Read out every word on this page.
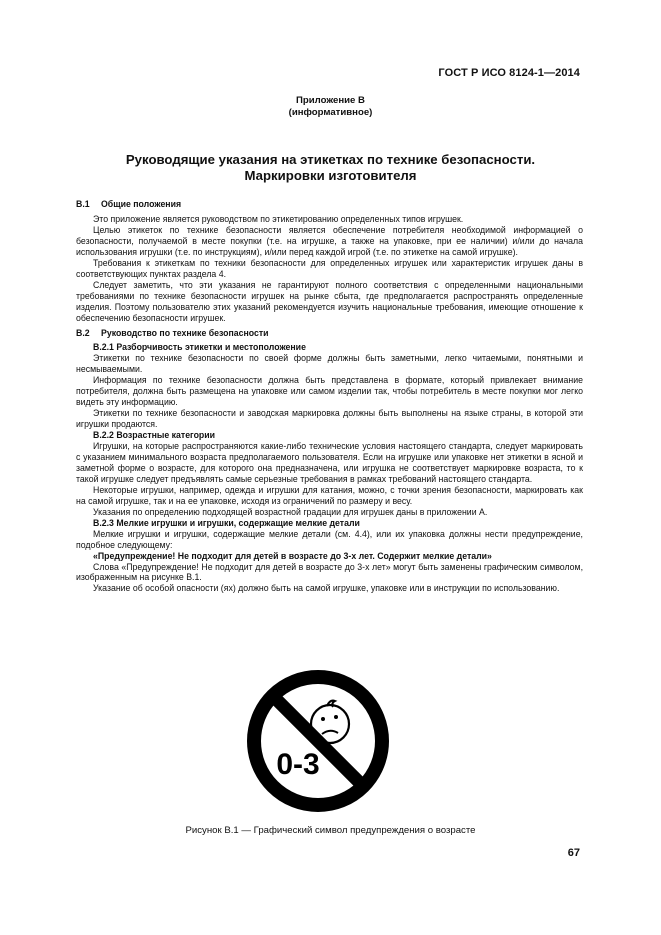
ГОСТ Р ИСО 8124-1—2014
Приложение В
(информативное)
Руководящие указания на этикетках по технике безопасности.
Маркировки изготовителя
В.1 Общие положения

Это приложение является руководством по этикетированию определенных типов игрушек.

Целью этикеток по технике безопасности является обеспечение потребителя необходимой информацией о безопасности, получаемой в месте покупки (т.е. на игрушке, а также на упаковке, при ее наличии) и/или до начала использования игрушки (т.е. по инструкциям), и/или перед каждой игрой (т.е. по этикетке на самой игрушке).

Требования к этикеткам по техники безопасности для определенных игрушек или характеристик игрушек даны в соответствующих пунктах раздела 4.

Следует заметить, что эти указания не гарантируют полного соответствия с определенными национальными требованиями по технике безопасности игрушек на рынке сбыта, где предполагается распространять определенные изделия. Поэтому пользователю этих указаний рекомендуется изучить национальные требования, имеющие отношение к обеспечению безопасности игрушек.

В.2 Руководство по технике безопасности
В.2.1 Разборчивость этикетки и местоположение

Этикетки по технике безопасности по своей форме должны быть заметными, легко читаемыми, понятными и несмываемыми.

Информация по технике безопасности должна быть представлена в формате, который привлекает внимание потребителя, должна быть размещена на упаковке или самом изделии так, чтобы потребитель в месте покупки мог легко видеть эту информацию.

Этикетки по технике безопасности и заводская маркировка должны быть выполнены на языке страны, в которой эти игрушки продаются.

В.2.2 Возрастные категории

Игрушки, на которые распространяются какие-либо технические условия настоящего стандарта, следует маркировать с указанием минимального возраста предполагаемого пользователя. Если на игрушке или упаковке нет этикетки в ясной и заметной форме о возрасте, для которого она предназначена, или игрушка не соответствует маркировке возраста, то к такой игрушке следует предъявлять самые серьезные требования в рамках требований настоящего стандарта.

Некоторые игрушки, например, одежда и игрушки для катания, можно, с точки зрения безопасности, маркировать как на самой игрушке, так и на ее упаковке, исходя из ограничений по размеру и весу.

Указания по определению подходящей возрастной градации для игрушек даны в приложении А.

В.2.3 Мелкие игрушки и игрушки, содержащие мелкие детали

Мелкие игрушки и игрушки, содержащие мелкие детали (см. 4.4), или их упаковка должны нести предупреждение, подобное следующему:

«Предупреждение! Не подходит для детей в возрасте до 3-х лет. Содержит мелкие детали»

Слова «Предупреждение! Не подходит для детей в возрасте до 3-х лет» могут быть заменены графическим символом, изображенным на рисунке В.1.

Указание об особой опасности (ях) должно быть на самой игрушке, упаковке или в инструкции по использованию.

0-3
Рисунок В.1 — Графический символ предупреждения о возрасте
67
